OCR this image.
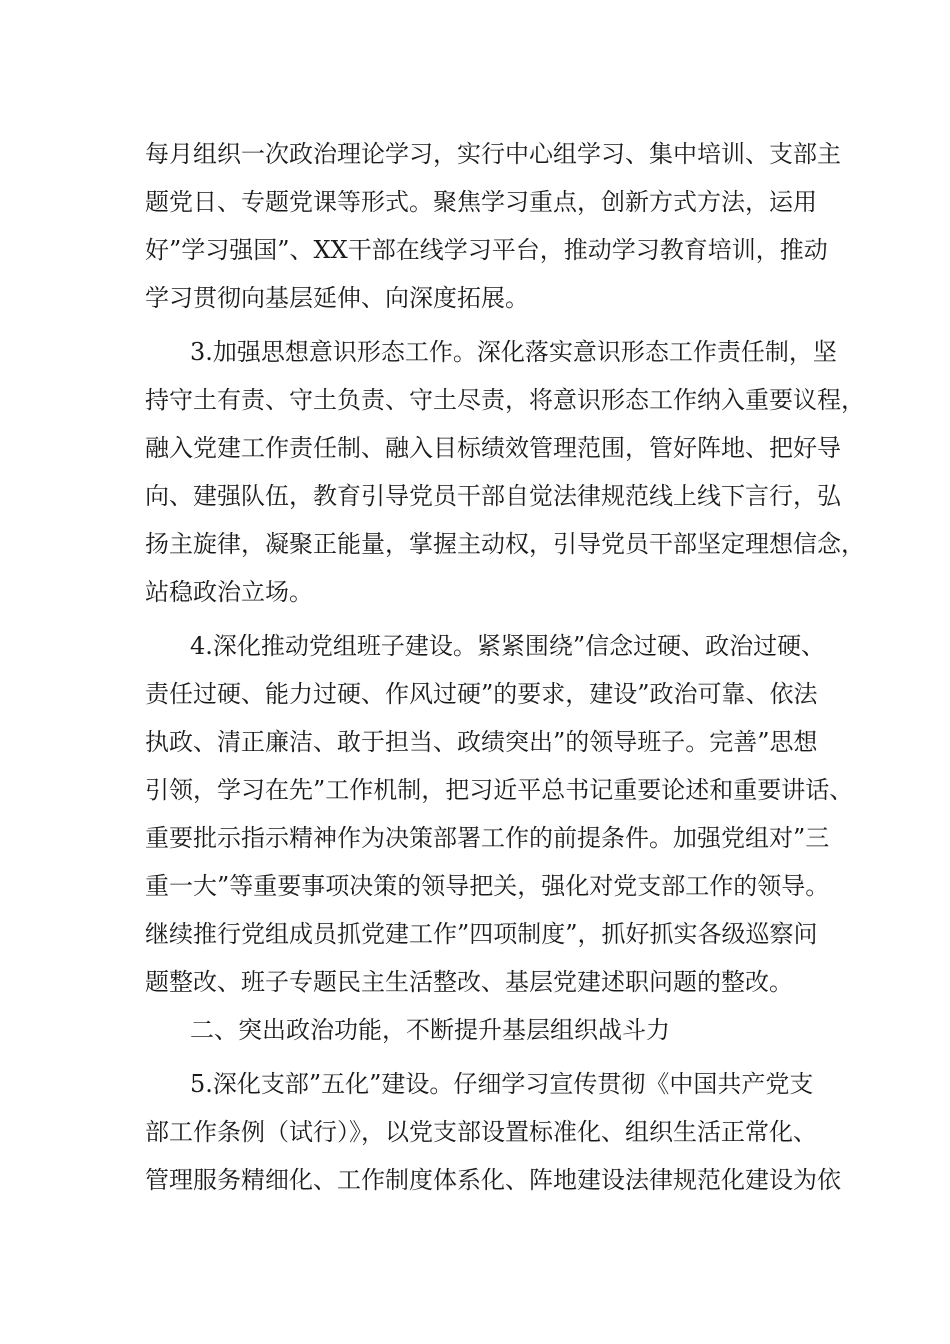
每月组织一次政治理论学习，实行中心组学习、集中培训、支部主
题党日、专题党课等形式。聚焦学习重点，创新方式方法，运用
好”学习强国”、XX干部在线学习平台，推动学习教育培训，推动
学习贯彻向基层延伸、向深度拓展。
3.加强思想意识形态工作。深化落实意识形态工作责任制，坚
持守土有责、守土负责、守土尽责，将意识形态工作纳入重要议程，
融入党建工作责任制、融入目标绩效管理范围，管好阵地、把好导
向、建强队伍，教育引导党员干部自觉法律规范线上线下言行，弘
扬主旋律，凝聚正能量，掌握主动权，引导党员干部坚定理想信念，
站稳政治立场。
4.深化推动党组班子建设。紧紧围绕”信念过硬、政治过硬、
责任过硬、能力过硬、作风过硬”的要求，建设”政治可靠、依法
执政、清正廉洁、敢于担当、政绩突出”的领导班子。完善”思想
引领，学习在先”工作机制，把习近平总书记重要论述和重要讲话、
重要批示指示精神作为决策部署工作的前提条件。加强党组对”三
重一大”等重要事项决策的领导把关，强化对党支部工作的领导。
继续推行党组成员抓党建工作”四项制度”，抓好抓实各级巡察问
题整改、班子专题民主生活整改、基层党建述职问题的整改。
二、突出政治功能，不断提升基层组织战斗力
5.深化支部”五化”建设。仔细学习宣传贯彻《中国共产党支
部工作条例（试行）》，以党支部设置标准化、组织生活正常化、
管理服务精细化、工作制度体系化、阵地建设法律规范化建设为依
